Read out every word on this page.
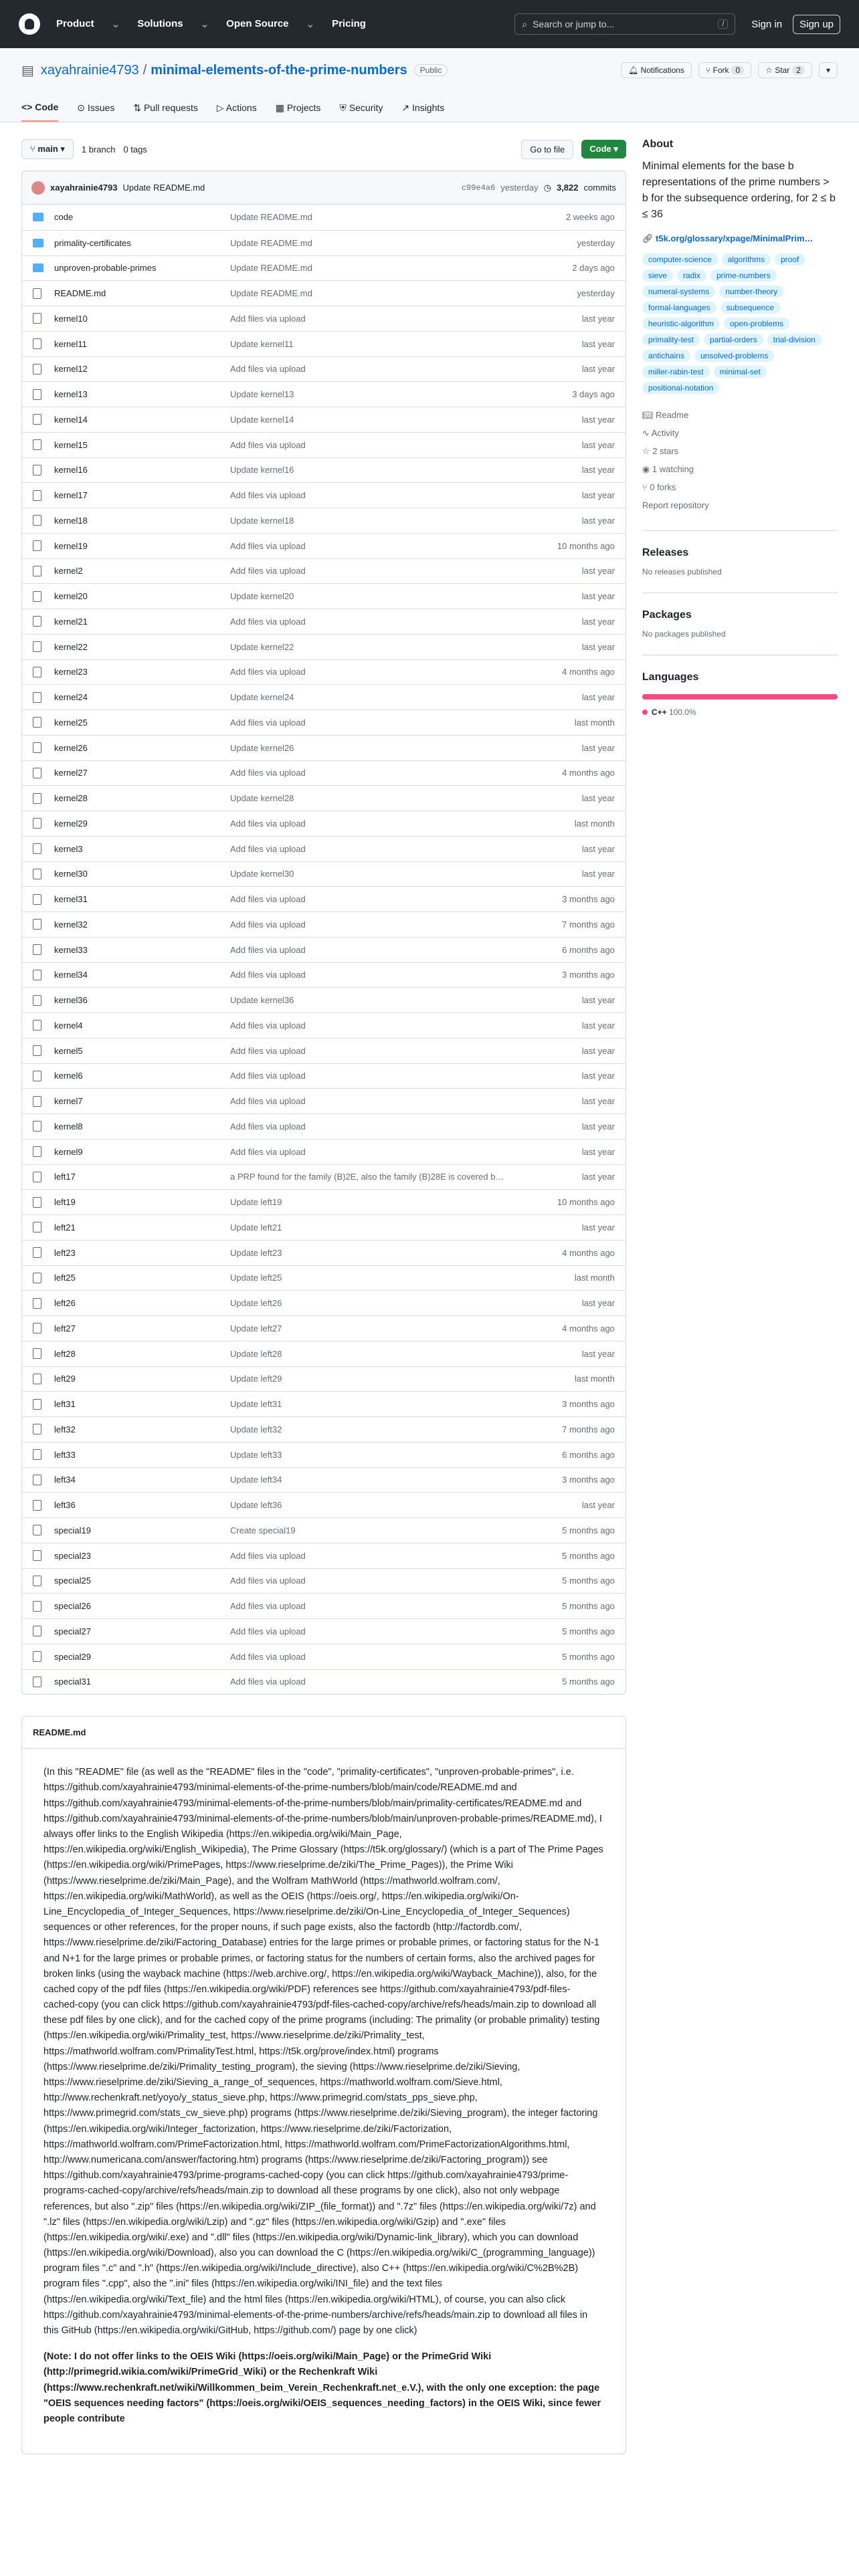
Product ⌄ Solutions ⌄ Open Source ⌄ Pricing	⌕ Search or jump to...	/	Sign in	Sign up
▤ xayahrainie4793 / minimal-elements-of-the-prime-numbers	Public	🔔︎ Notifications	⑂ Fork 0	☆ Star 2	▾
<> Code ⊙ Issues ⇅ Pull requests ▷ Actions ▦ Projects ⛨ Security ↗ Insights
⑂ main ▾	1 branch 0 tags	Go to file	Code ▾
xayahrainie4793 Update README.md	c99e4a6 yesterday ◷ 3,822 commits
code	Update README.md	2 weeks ago
primality-certificates	Update README.md	yesterday
unproven-probable-primes	Update README.md	2 days ago
README.md	Update README.md	yesterday
kernel10	Add files via upload	last year
kernel11	Update kernel11	last year
kernel12	Add files via upload	last year
kernel13	Update kernel13	3 days ago
kernel14	Update kernel14	last year
kernel15	Add files via upload	last year
kernel16	Update kernel16	last year
kernel17	Add files via upload	last year
kernel18	Update kernel18	last year
kernel19	Add files via upload	10 months ago
kernel2	Add files via upload	last year
kernel20	Update kernel20	last year
kernel21	Add files via upload	last year
kernel22	Update kernel22	last year
kernel23	Add files via upload	4 months ago
kernel24	Update kernel24	last year
kernel25	Add files via upload	last month
kernel26	Update kernel26	last year
kernel27	Add files via upload	4 months ago
kernel28	Update kernel28	last year
kernel29	Add files via upload	last month
kernel3	Add files via upload	last year
kernel30	Update kernel30	last year
kernel31	Add files via upload	3 months ago
kernel32	Add files via upload	7 months ago
kernel33	Add files via upload	6 months ago
kernel34	Add files via upload	3 months ago
kernel36	Update kernel36	last year
kernel4	Add files via upload	last year
kernel5	Add files via upload	last year
kernel6	Add files via upload	last year
kernel7	Add files via upload	last year
kernel8	Add files via upload	last year
kernel9	Add files via upload	last year
left17	a PRP found for the family (B)2E, also the family (B)28E is covered b…	last year
left19	Update left19	10 months ago
left21	Update left21	last year
left23	Update left23	4 months ago
left25	Update left25	last month
left26	Update left26	last year
left27	Update left27	4 months ago
left28	Update left28	last year
left29	Update left29	last month
left31	Update left31	3 months ago
left32	Update left32	7 months ago
left33	Update left33	6 months ago
left34	Update left34	3 months ago
left36	Update left36	last year
special19	Create special19	5 months ago
special23	Add files via upload	5 months ago
special25	Add files via upload	5 months ago
special26	Add files via upload	5 months ago
special27	Add files via upload	5 months ago
special29	Add files via upload	5 months ago
special31	Add files via upload	5 months ago
README.md

(In this "README" file (as well as the "README" files in the "code", "primality-certificates", "unproven-probable-primes", i.e. https://github.com/xayahrainie4793/minimal-elements-of-the-prime-numbers/blob/main/code/README.md and https://github.com/xayahrainie4793/minimal-elements-of-the-prime-numbers/blob/main/primality-certificates/README.md and https://github.com/xayahrainie4793/minimal-elements-of-the-prime-numbers/blob/main/unproven-probable-primes/README.md), I always offer links to the English Wikipedia (https://en.wikipedia.org/wiki/Main_Page, https://en.wikipedia.org/wiki/English_Wikipedia), The Prime Glossary (https://t5k.org/glossary/) (which is a part of The Prime Pages (https://en.wikipedia.org/wiki/PrimePages, https://www.rieselprime.de/ziki/The_Prime_Pages)), the Prime Wiki (https://www.rieselprime.de/ziki/Main_Page), and the Wolfram MathWorld (https://mathworld.wolfram.com/, https://en.wikipedia.org/wiki/MathWorld), as well as the OEIS (https://oeis.org/, https://en.wikipedia.org/wiki/On-Line_Encyclopedia_of_Integer_Sequences, https://www.rieselprime.de/ziki/On-Line_Encyclopedia_of_Integer_Sequences) sequences or other references, for the proper nouns, if such page exists, also the factordb (http://factordb.com/, https://www.rieselprime.de/ziki/Factoring_Database) entries for the large primes or probable primes, or factoring status for the N-1 and N+1 for the large primes or probable primes, or factoring status for the numbers of certain forms, also the archived pages for broken links (using the wayback machine (https://web.archive.org/, https://en.wikipedia.org/wiki/Wayback_Machine)), also, for the cached copy of the pdf files (https://en.wikipedia.org/wiki/PDF) references see https://github.com/xayahrainie4793/pdf-files-cached-copy (you can click https://github.com/xayahrainie4793/pdf-files-cached-copy/archive/refs/heads/main.zip to download all these pdf files by one click), and for the cached copy of the prime programs (including: The primality (or probable primality) testing (https://en.wikipedia.org/wiki/Primality_test, https://www.rieselprime.de/ziki/Primality_test, https://mathworld.wolfram.com/PrimalityTest.html, https://t5k.org/prove/index.html) programs (https://www.rieselprime.de/ziki/Primality_testing_program), the sieving (https://www.rieselprime.de/ziki/Sieving, https://www.rieselprime.de/ziki/Sieving_a_range_of_sequences, https://mathworld.wolfram.com/Sieve.html, http://www.rechenkraft.net/yoyo/y_status_sieve.php, https://www.primegrid.com/stats_pps_sieve.php, https://www.primegrid.com/stats_cw_sieve.php) programs (https://www.rieselprime.de/ziki/Sieving_program), the integer factoring (https://en.wikipedia.org/wiki/Integer_factorization, https://www.rieselprime.de/ziki/Factorization, https://mathworld.wolfram.com/PrimeFactorization.html, https://mathworld.wolfram.com/PrimeFactorizationAlgorithms.html, http://www.numericana.com/answer/factoring.htm) programs (https://www.rieselprime.de/ziki/Factoring_program)) see https://github.com/xayahrainie4793/prime-programs-cached-copy (you can click https://github.com/xayahrainie4793/prime-programs-cached-copy/archive/refs/heads/main.zip to download all these programs by one click), also not only webpage references, but also ".zip" files (https://en.wikipedia.org/wiki/ZIP_(file_format)) and ".7z" files (https://en.wikipedia.org/wiki/7z) and ".lz" files (https://en.wikipedia.org/wiki/Lzip) and ".gz" files (https://en.wikipedia.org/wiki/Gzip) and ".exe" files (https://en.wikipedia.org/wiki/.exe) and ".dll" files (https://en.wikipedia.org/wiki/Dynamic-link_library), which you can download (https://en.wikipedia.org/wiki/Download), also you can download the C (https://en.wikipedia.org/wiki/C_(programming_language)) program files ".c" and ".h" (https://en.wikipedia.org/wiki/Include_directive), also C++ (https://en.wikipedia.org/wiki/C%2B%2B) program files ".cpp", also the ".ini" files (https://en.wikipedia.org/wiki/INI_file) and the text files (https://en.wikipedia.org/wiki/Text_file) and the html files (https://en.wikipedia.org/wiki/HTML), of course, you can also click https://github.com/xayahrainie4793/minimal-elements-of-the-prime-numbers/archive/refs/heads/main.zip to download all files in this GitHub (https://en.wikipedia.org/wiki/GitHub, https://github.com/) page by one click)

(Note: I do not offer links to the OEIS Wiki (https://oeis.org/wiki/Main_Page) or the PrimeGrid Wiki (http://primegrid.wikia.com/wiki/PrimeGrid_Wiki) or the Rechenkraft Wiki (https://www.rechenkraft.net/wiki/Willkommen_beim_Verein_Rechenkraft.net_e.V.), with the only one exception: the page "OEIS sequences needing factors" (https://oeis.org/wiki/OEIS_sequences_needing_factors) in the OEIS Wiki, since fewer people contribute

About
Minimal elements for the base b representations of the prime numbers > b for the subsequence ordering, for 2 ≤ b ≤ 36
🔗︎ t5k.org/glossary/xpage/MinimalPrim…
computer-science	algorithms	proof
sieve	radix	prime-numbers
numeral-systems	number-theory
formal-languages	subsequence
heuristic-algorithm	open-problems
primality-test	partial-orders	trial-division
antichains	unsolved-problems
miller-rabin-test	minimal-set
positional-notation
📖︎ Readme
∿ Activity
☆ 2 stars
◉ 1 watching
⑂ 0 forks
Report repository
Releases
No releases published
Packages
No packages published
Languages
C++ 100.0%
